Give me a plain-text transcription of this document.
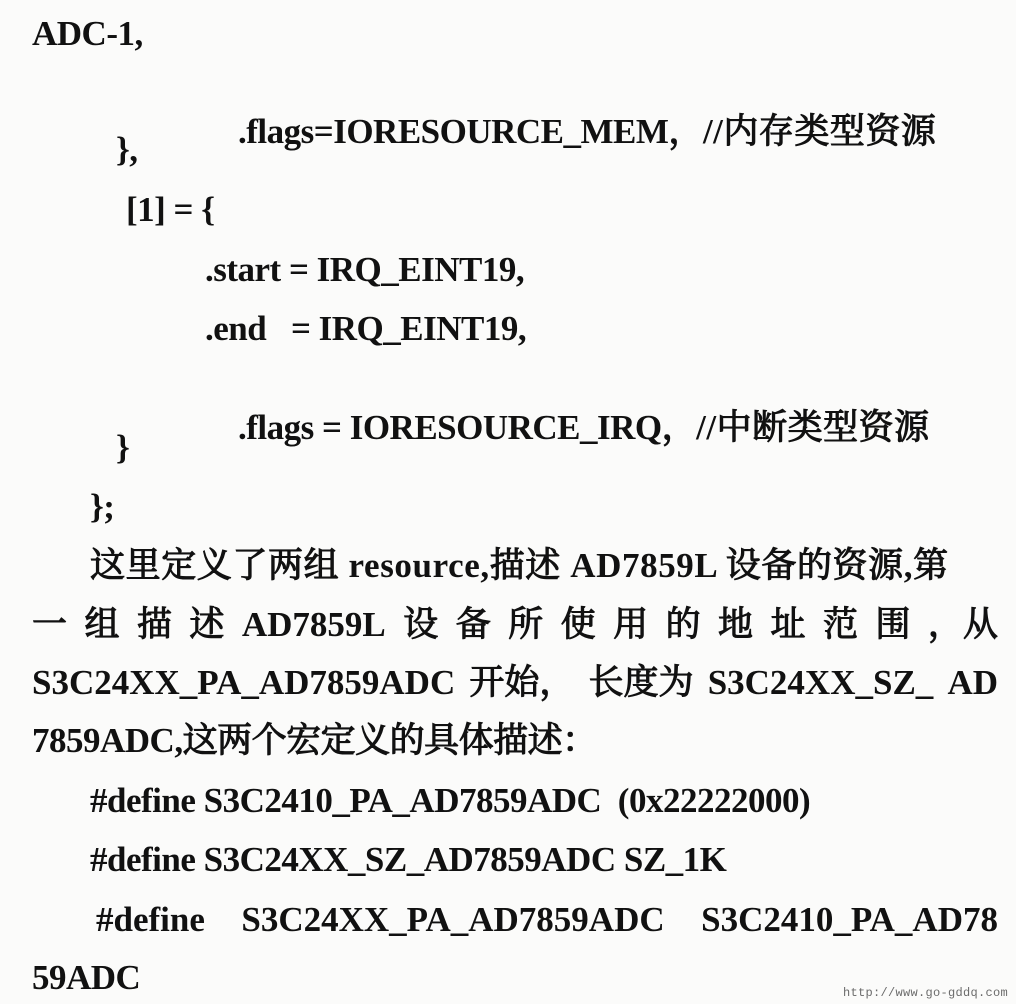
ADC-1,

.flags=IORESOURCE_MEM，//内存类型资源

},
[1] = {
.start = IRQ_EINT19,
.end   = IRQ_EINT19,

.flags = IORESOURCE_IRQ，//中断类型资源

}
};
这里定义了两组 resource,描述 AD7859L 设备的资源,第
一 组 描 述 AD7859L 设 备 所 使 用 的 地 址 范 围 ，从
S3C24XX_PA_AD7859ADC 开始， 长度为 S3C24XX_SZ_ AD
7859ADC,这两个宏定义的具体描述：
#define S3C2410_PA_AD7859ADC  (0x22222000)
#define S3C24XX_SZ_AD7859ADC SZ_1K
#define S3C24XX_PA_AD7859ADC S3C2410_PA_AD78
59ADC	http://www.go-gddq.com
